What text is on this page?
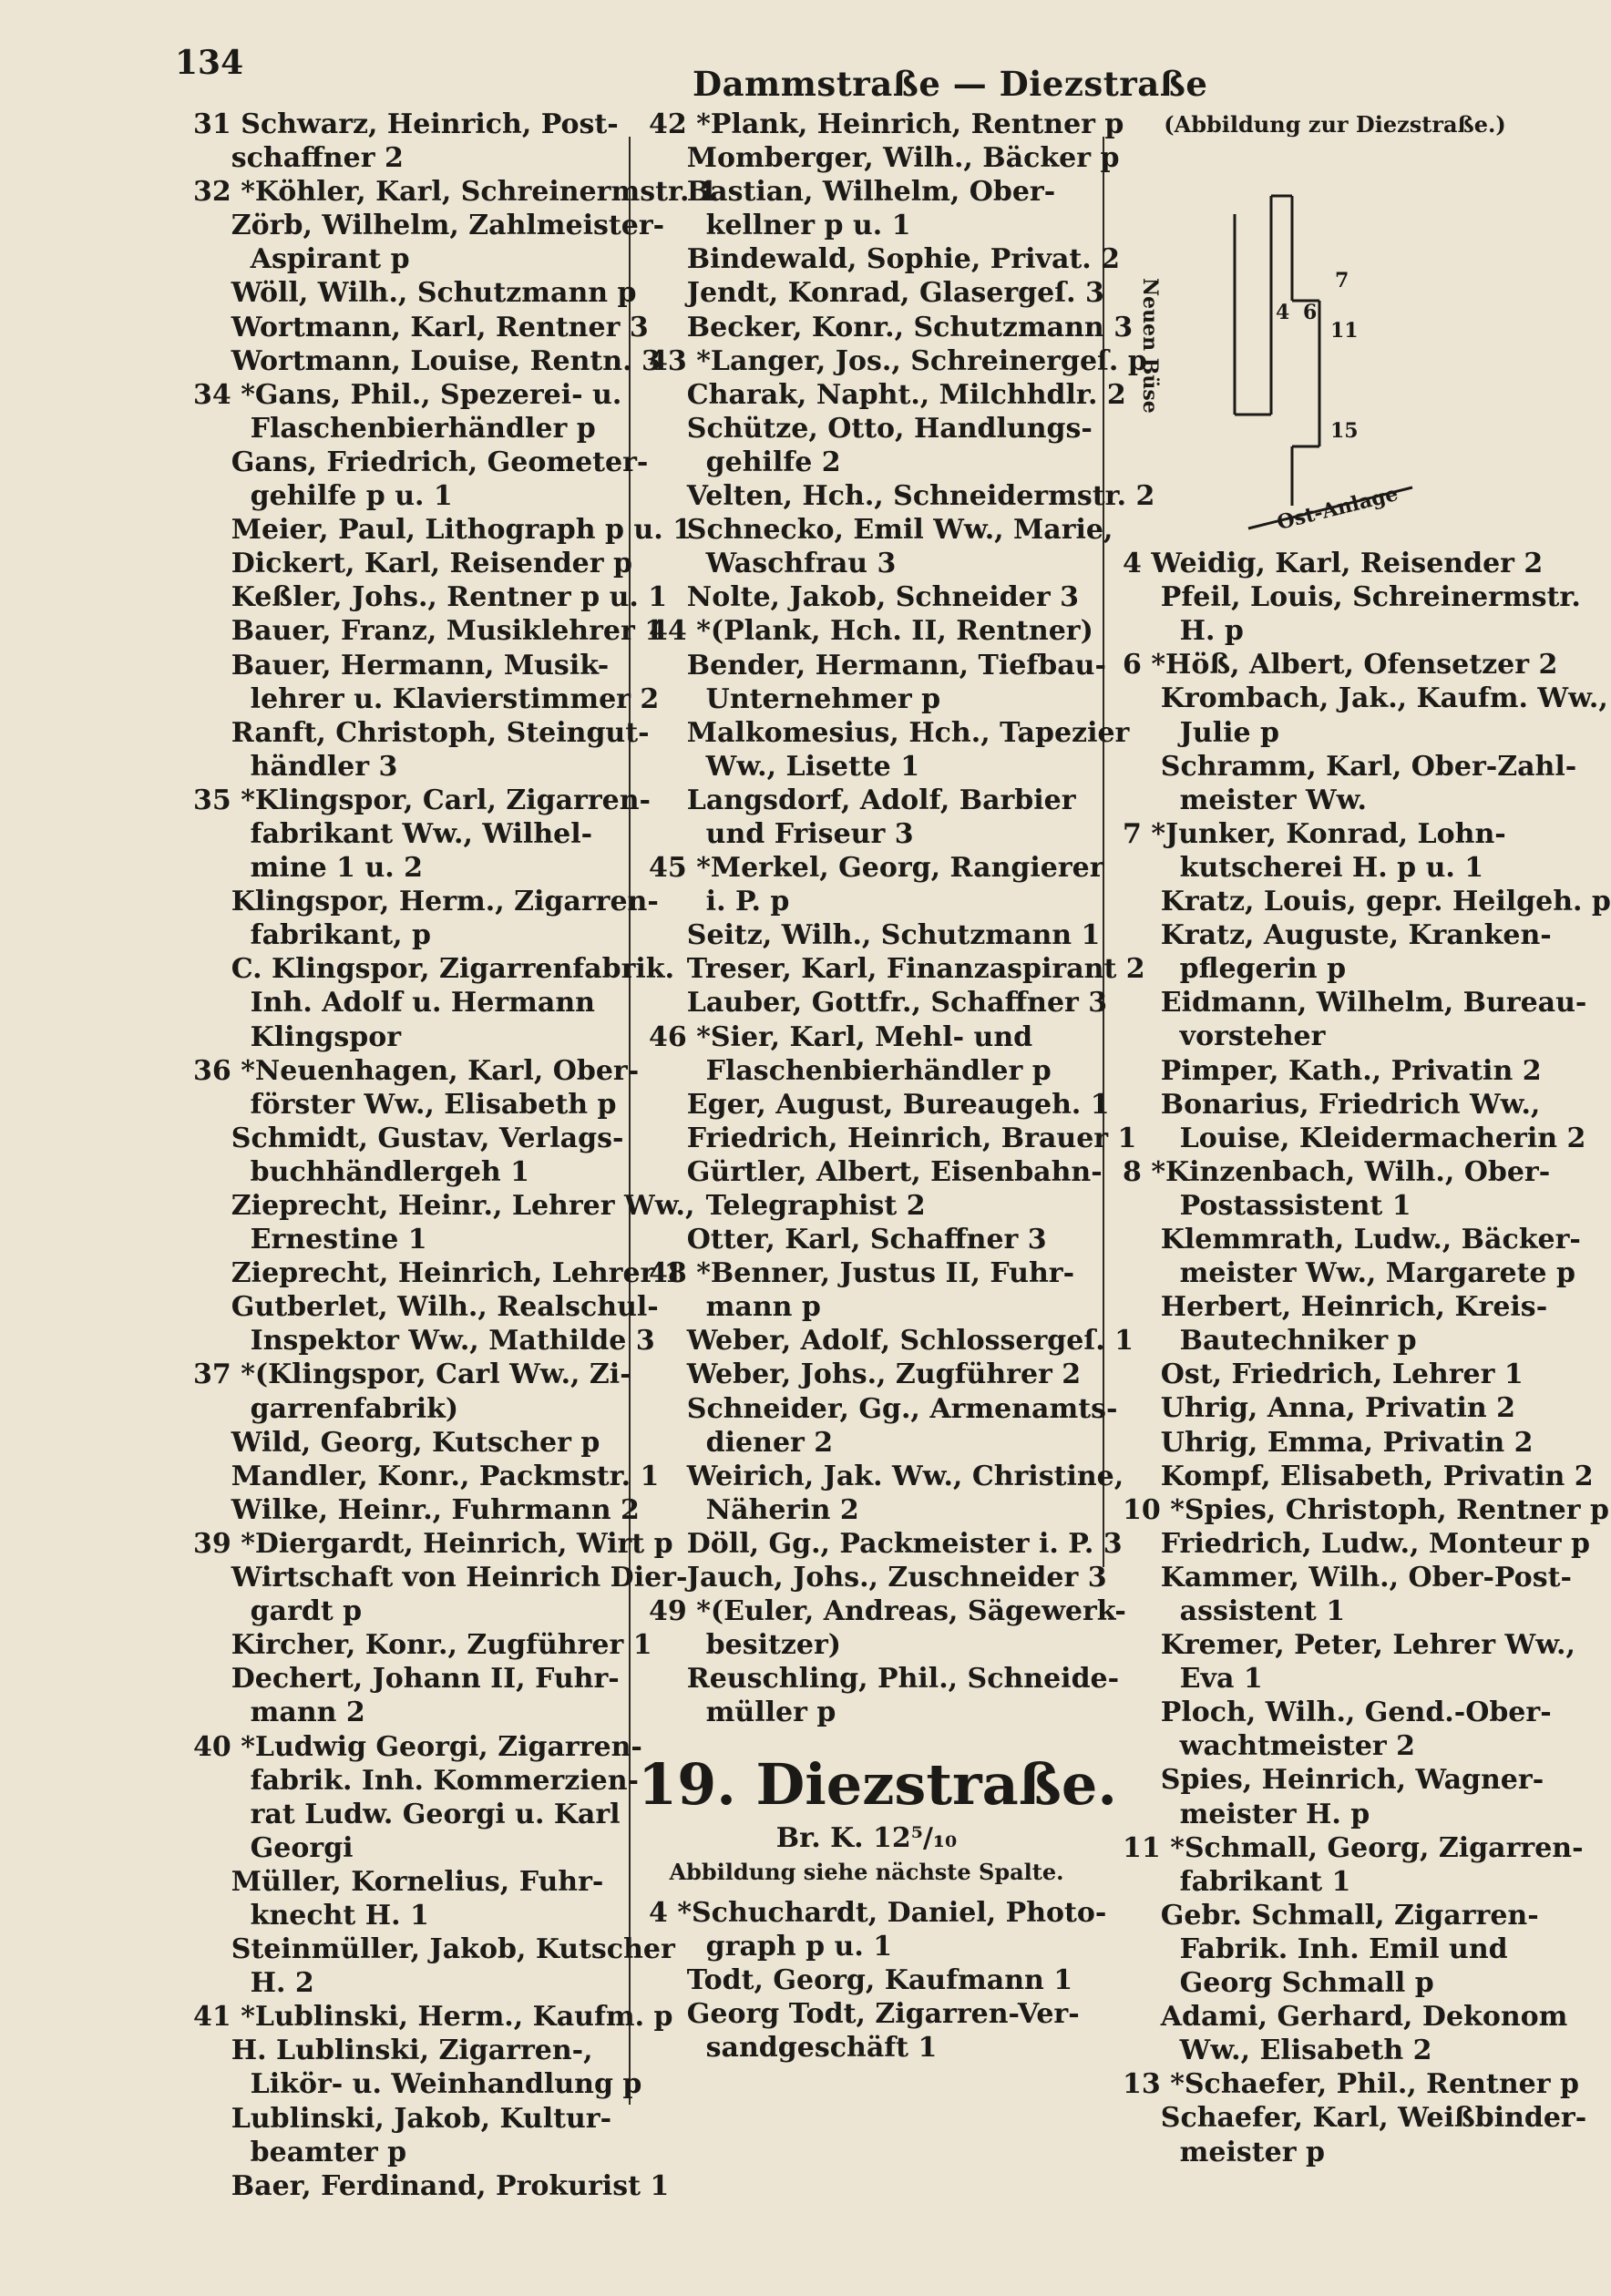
134
Dammstraße — Diezstraße
31 Schwarz, Heinrich, Post-
schaffner 2
32 *Köhler, Karl, Schreinermstr. 1
Zörb, Wilhelm, Zahlmeister-
Aspirant p
Wöll, Wilh., Schutzmann p
Wortmann, Karl, Rentner 3
Wortmann, Louise, Rentn. 3
34 *Gans, Phil., Spezerei- u.
Flaschenbierhändler p
Gans, Friedrich, Geometer-
gehilfe p u. 1
Meier, Paul, Lithograph p u. 1
Dickert, Karl, Reisender p
Keßler, Johs., Rentner p u. 1
Bauer, Franz, Musiklehrer 1
Bauer, Hermann, Musik-
lehrer u. Klavierstimmer 2
Ranft, Christoph, Steingut-
händler 3
35 *Klingspor, Carl, Zigarren-
fabrikant Ww., Wilhel-
mine 1 u. 2
Klingspor, Herm., Zigarren-
fabrikant, p
C. Klingspor, Zigarrenfabrik.
Inh. Adolf u. Hermann
Klingspor
36 *Neuenhagen, Karl, Ober-
förster Ww., Elisabeth p
Schmidt, Gustav, Verlags-
buchhändlergeh 1
Zieprecht, Heinr., Lehrer Ww.,
Ernestine 1
Zieprecht, Heinrich, Lehrer 1
Gutberlet, Wilh., Realschul-
Inspektor Ww., Mathilde 3
37 *(Klingspor, Carl Ww., Zi-
garrenfabrik)
Wild, Georg, Kutscher p
Mandler, Konr., Packmstr. 1
Wilke, Heinr., Fuhrmann 2
39 *Diergardt, Heinrich, Wirt p
Wirtschaft von Heinrich Dier-
gardt p
Kircher, Konr., Zugführer 1
Dechert, Johann II, Fuhr-
mann 2
40 *Ludwig Georgi, Zigarren-
fabrik. Inh. Kommerzien-
rat Ludw. Georgi u. Karl
Georgi
Müller, Kornelius, Fuhr-
knecht H. 1
Steinmüller, Jakob, Kutscher
H. 2
41 *Lublinski, Herm., Kaufm. p
H. Lublinski, Zigarren-,
Likör- u. Weinhandlung p
Lublinski, Jakob, Kultur-
beamter p
Baer, Ferdinand, Prokurist 1
42 *Plank, Heinrich, Rentner p
Momberger, Wilh., Bäcker p
Bastian, Wilhelm, Ober-
kellner p u. 1
Bindewald, Sophie, Privat. 2
Jendt, Konrad, Glasergeſ. 3
Becker, Konr., Schutzmann 3
43 *Langer, Jos., Schreinergeſ. p
Charak, Napht., Milchhdlr. 2
Schütze, Otto, Handlungs-
gehilfe 2
Velten, Hch., Schneidermstr. 2
Schnecko, Emil Ww., Marie,
Waschfrau 3
Nolte, Jakob, Schneider 3
44 *(Plank, Hch. II, Rentner)
Bender, Hermann, Tiefbau-
Unternehmer p
Malkomesius, Hch., Tapezier
Ww., Lisette 1
Langsdorf, Adolf, Barbier
und Friseur 3
45 *Merkel, Georg, Rangierer
i. P. p
Seitz, Wilh., Schutzmann 1
Treser, Karl, Finanzaspirant 2
Lauber, Gottfr., Schaffner 3
46 *Sier, Karl, Mehl- und
Flaschenbierhändler p
Eger, August, Bureaugeh. 1
Friedrich, Heinrich, Brauer 1
Gürtler, Albert, Eisenbahn-
Telegraphist 2
Otter, Karl, Schaffner 3
48 *Benner, Justus II, Fuhr-
mann p
Weber, Adolf, Schlossergeſ. 1
Weber, Johs., Zugführer 2
Schneider, Gg., Armenamts-
diener 2
Weirich, Jak. Ww., Christine,
Näherin 2
Döll, Gg., Packmeister i. P. 3
Jauch, Johs., Zuschneider 3
49 *(Euler, Andreas, Sägewerk-
besitzer)
Reuschling, Phil., Schneide-
müller p
19. Diezstraße.
Br. K. 12⁵/₁₀
Abbildung siehe nächste Spalte.
4 *Schuchardt, Daniel, Photo-
graph p u. 1
Todt, Georg, Kaufmann 1
Georg Todt, Zigarren-Ver-
sandgeschäft 1
(Abbildung zur Diezstraße.)
Neuen Büse	7
4 6
11
15
Ost-Anlage
4 Weidig, Karl, Reisender 2
Pfeil, Louis, Schreinermstr.
H. p
6 *Höß, Albert, Ofensetzer 2
Krombach, Jak., Kaufm. Ww.,
Julie p
Schramm, Karl, Ober-Zahl-
meister Ww.
7 *Junker, Konrad, Lohn-
kutscherei H. p u. 1
Kratz, Louis, gepr. Heilgeh. p
Kratz, Auguste, Kranken-
pflegerin p
Eidmann, Wilhelm, Bureau-
vorsteher
Pimper, Kath., Privatin 2
Bonarius, Friedrich Ww.,
Louise, Kleidermacherin 2
8 *Kinzenbach, Wilh., Ober-
Postassistent 1
Klemmrath, Ludw., Bäcker-
meister Ww., Margarete p
Herbert, Heinrich, Kreis-
Bautechniker p
Ost, Friedrich, Lehrer 1
Uhrig, Anna, Privatin 2
Uhrig, Emma, Privatin 2
Kompf, Elisabeth, Privatin 2
10 *Spies, Christoph, Rentner p
Friedrich, Ludw., Monteur p
Kammer, Wilh., Ober-Post-
assistent 1
Kremer, Peter, Lehrer Ww.,
Eva 1
Ploch, Wilh., Gend.-Ober-
wachtmeister 2
Spies, Heinrich, Wagner-
meister H. p
11 *Schmall, Georg, Zigarren-
fabrikant 1
Gebr. Schmall, Zigarren-
Fabrik. Inh. Emil und
Georg Schmall p
Adami, Gerhard, Dekonom
Ww., Elisabeth 2
13 *Schaefer, Phil., Rentner p
Schaefer, Karl, Weißbinder-
meister p
